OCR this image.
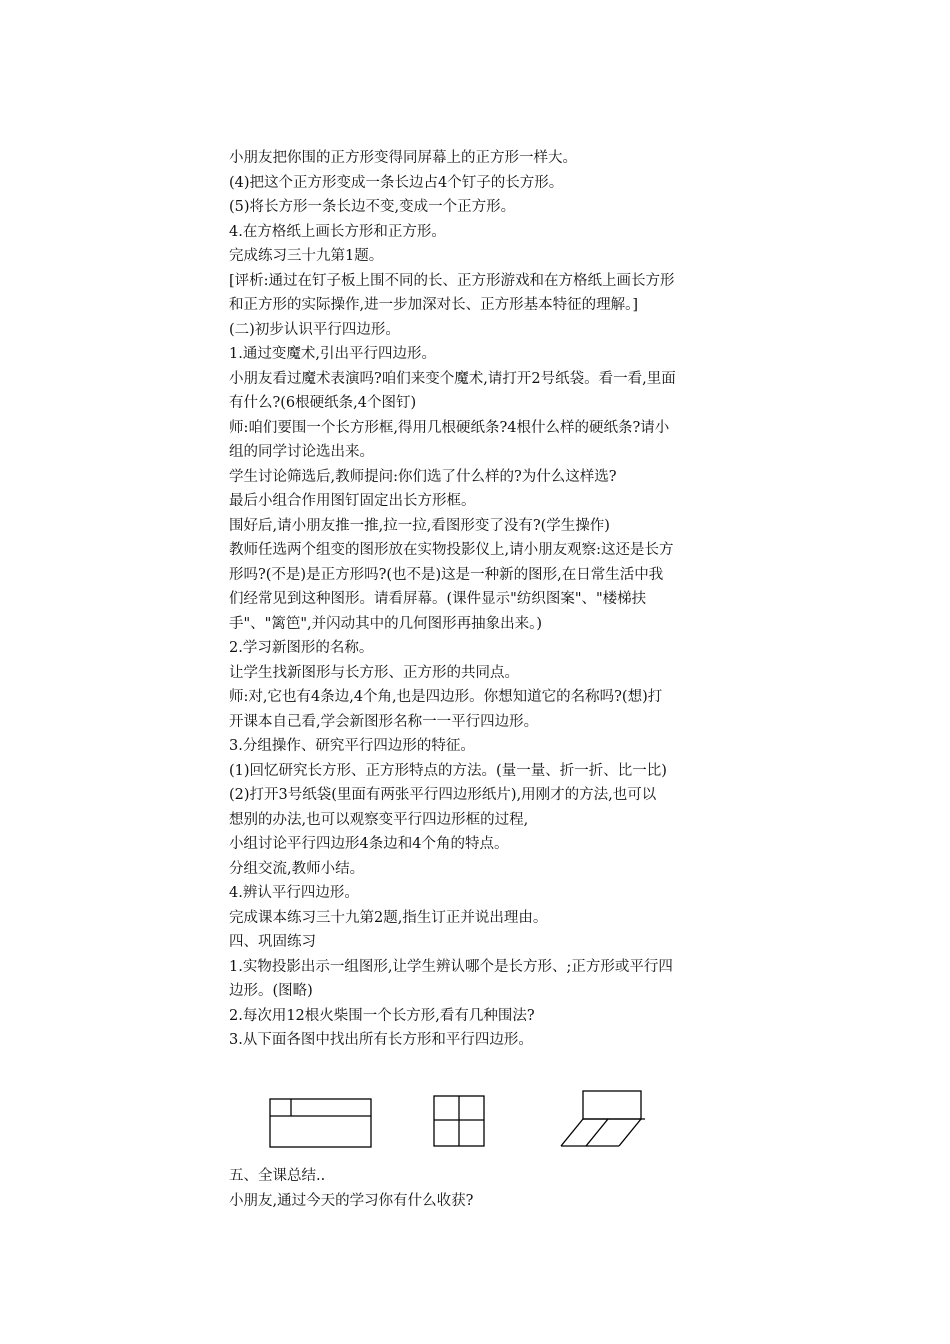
小朋友把你围的正方形变得同屏幕上的正方形一样大。
(4)把这个正方形变成一条长边占4个钉子的长方形。
(5)将长方形一条长边不变,变成一个正方形。
4.在方格纸上画长方形和正方形。
完成练习三十九第1题。
[评析:通过在钉子板上围不同的长、正方形游戏和在方格纸上画长方形
和正方形的实际操作,进一步加深对长、正方形基本特征的理解。]
(二)初步认识平行四边形。
1.通过变魔术,引出平行四边形。
小朋友看过魔术表演吗?咱们来变个魔术,请打开2号纸袋。看一看,里面
有什么?(6根硬纸条,4个图钉)
师:咱们要围一个长方形框,得用几根硬纸条?4根什么样的硬纸条?请小
组的同学讨论选出来。
学生讨论筛选后,教师提问:你们选了什么样的?为什么这样选?
最后小组合作用图钉固定出长方形框。
围好后,请小朋友推一推,拉一拉,看图形变了没有?(学生操作)
教师任选两个组变的图形放在实物投影仪上,请小朋友观察:这还是长方
形吗?(不是)是正方形吗?(也不是)这是一种新的图形,在日常生活中我
们经常见到这种图形。请看屏幕。(课件显示"纺织图案"、"楼梯扶
手"、"篱笆",并闪动其中的几何图形再抽象出来。)
2.学习新图形的名称。
让学生找新图形与长方形、正方形的共同点。
师:对,它也有4条边,4个角,也是四边形。你想知道它的名称吗?(想)打
开课本自己看,学会新图形名称一一平行四边形。
3.分组操作、研究平行四边形的特征。
(1)回忆研究长方形、正方形特点的方法。(量一量、折一折、比一比)
(2)打开3号纸袋(里面有两张平行四边形纸片),用刚才的方法,也可以
想别的办法,也可以观察变平行四边形框的过程,
小组讨论平行四边形4条边和4个角的特点。
分组交流,教师小结。
4.辨认平行四边形。
完成课本练习三十九第2题,指生订正并说出理由。
四、巩固练习
1.实物投影出示一组图形,让学生辨认哪个是长方形、;正方形或平行四
边形。(图略)
2.每次用12根火柴围一个长方形,看有几种围法?
3.从下面各图中找出所有长方形和平行四边形。
五、全课总结..
小朋友,通过今天的学习你有什么收获?
